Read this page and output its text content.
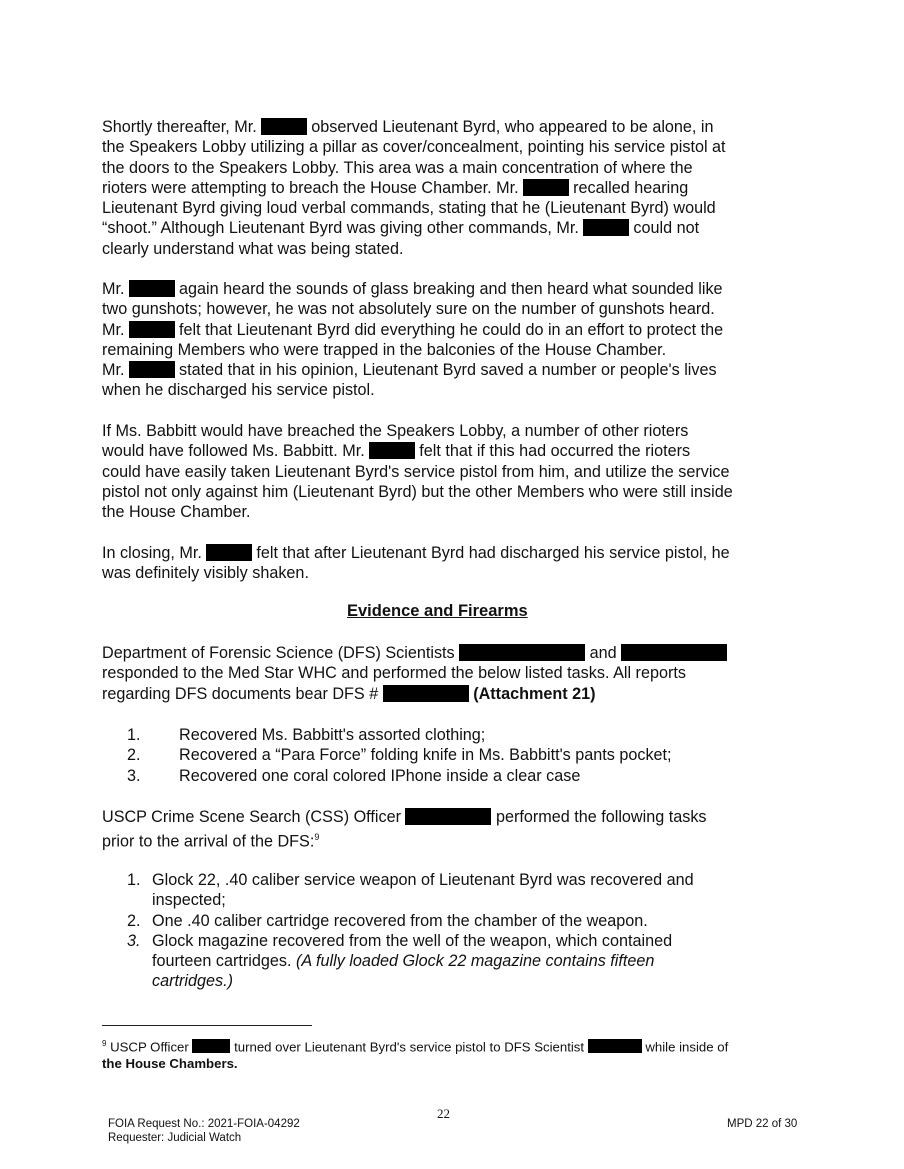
Shortly thereafter, Mr.	observed Lieutenant Byrd, who appeared to be alone, in
the Speakers Lobby utilizing a pillar as cover/concealment, pointing his service pistol at
the doors to the Speakers Lobby. This area was a main concentration of where the
rioters were attempting to breach the House Chamber. Mr.	recalled hearing
Lieutenant Byrd giving loud verbal commands, stating that he (Lieutenant Byrd) would
“shoot.” Although Lieutenant Byrd was giving other commands, Mr.	could not
clearly understand what was being stated.
Mr.	again heard the sounds of glass breaking and then heard what sounded like
two gunshots; however, he was not absolutely sure on the number of gunshots heard.
Mr.	felt that Lieutenant Byrd did everything he could do in an effort to protect the
remaining Members who were trapped in the balconies of the House Chamber.
Mr.	stated that in his opinion, Lieutenant Byrd saved a number or people's lives
when he discharged his service pistol.
If Ms. Babbitt would have breached the Speakers Lobby, a number of other rioters
would have followed Ms. Babbitt. Mr.	felt that if this had occurred the rioters
could have easily taken Lieutenant Byrd's service pistol from him, and utilize the service
pistol not only against him (Lieutenant Byrd) but the other Members who were still inside
the House Chamber.
In closing, Mr.	felt that after Lieutenant Byrd had discharged his service pistol, he
was definitely visibly shaken.
Evidence and Firearms
Department of Forensic Science (DFS) Scientists	and
responded to the Med Star WHC and performed the below listed tasks. All reports
regarding DFS documents bear DFS #	(Attachment 21)
1. Recovered Ms. Babbitt's assorted clothing;
2. Recovered a “Para Force” folding knife in Ms. Babbitt's pants pocket;
3. Recovered one coral colored IPhone inside a clear case
USCP Crime Scene Search (CSS) Officer	performed the following tasks
prior to the arrival of the DFS:$^9$
1. Glock 22, .40 caliber service weapon of Lieutenant Byrd was recovered and
inspected;
2. One .40 caliber cartridge recovered from the chamber of the weapon.
3. Glock magazine recovered from the well of the weapon, which contained
fourteen cartridges. (A fully loaded Glock 22 magazine contains fifteen
cartridges.)
$^9$ USCP Officer	turned over Lieutenant Byrd's service pistol to DFS Scientist	while inside of
the House Chambers.
22
FOIA Request No.: 2021-FOIA-04292
Requester: Judicial Watch
MPD 22 of 30
